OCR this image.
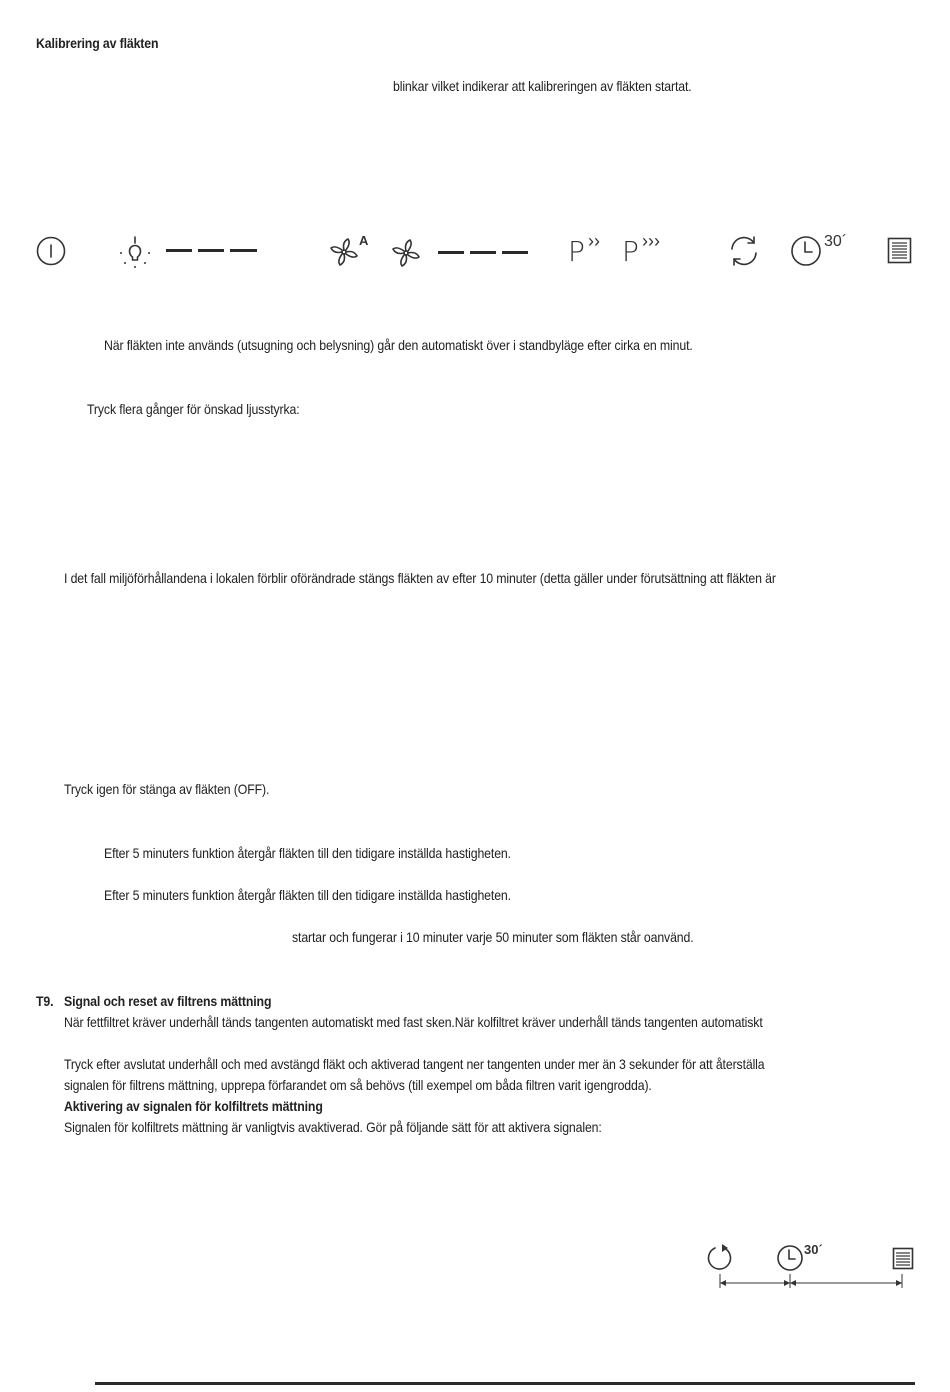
Kalibrering av fläkten
blinkar vilket indikerar att kalibreringen av fläkten startat.
A	P ›› P ›››	30´
När fläkten inte används (utsugning och belysning) går den automatiskt över i standbyläge efter cirka en minut.
Tryck flera gånger för önskad ljusstyrka:
I det fall miljöförhållandena i lokalen förblir oförändrade stängs fläkten av efter 10 minuter (detta gäller under förutsättning att fläkten är
Tryck igen för stänga av fläkten (OFF).
Efter 5 minuters funktion återgår fläkten till den tidigare inställda hastigheten.
Efter 5 minuters funktion återgår fläkten till den tidigare inställda hastigheten.
startar och fungerar i 10 minuter varje 50 minuter som fläkten står oanvänd.
T9. Signal och reset av filtrens mättning
När fettfiltret kräver underhåll tänds tangenten automatiskt med fast sken.När kolfiltret kräver underhåll tänds tangenten automatiskt
Tryck efter avslutat underhåll och med avstängd fläkt och aktiverad tangent ner tangenten under mer än 3 sekunder för att återställa
signalen för filtrens mättning, upprepa förfarandet om så behövs (till exempel om båda filtren varit igengrodda).
Aktivering av signalen för kolfiltrets mättning
Signalen för kolfiltrets mättning är vanligtvis avaktiverad. Gör på följande sätt för att aktivera signalen:
30´
